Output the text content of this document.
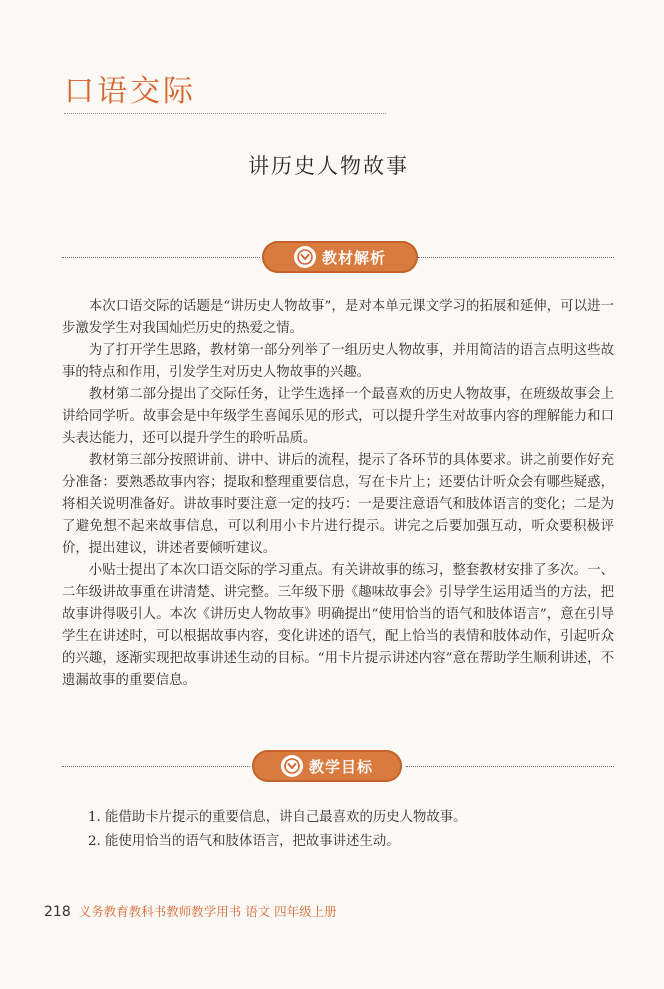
口语交际
讲历史人物故事
教材解析

本次口语交际的话题是“讲历史人物故事”，是对本单元课文学习的拓展和延伸，可以进一步激发学生对我国灿烂历史的热爱之情。

为了打开学生思路，教材第一部分列举了一组历史人物故事，并用简洁的语言点明这些故事的特点和作用，引发学生对历史人物故事的兴趣。

教材第二部分提出了交际任务，让学生选择一个最喜欢的历史人物故事，在班级故事会上讲给同学听。故事会是中年级学生喜闻乐见的形式，可以提升学生对故事内容的理解能力和口头表达能力，还可以提升学生的聆听品质。

教材第三部分按照讲前、讲中、讲后的流程，提示了各环节的具体要求。讲之前要作好充分准备：要熟悉故事内容；提取和整理重要信息，写在卡片上；还要估计听众会有哪些疑惑，将相关说明准备好。讲故事时要注意一定的技巧：一是要注意语气和肢体语言的变化；二是为了避免想不起来故事信息，可以利用小卡片进行提示。讲完之后要加强互动，听众要积极评价，提出建议，讲述者要倾听建议。

小贴士提出了本次口语交际的学习重点。有关讲故事的练习，整套教材安排了多次。一、二年级讲故事重在讲清楚、讲完整。三年级下册《趣味故事会》引导学生运用适当的方法，把故事讲得吸引人。本次《讲历史人物故事》明确提出“使用恰当的语气和肢体语言”，意在引导学生在讲述时，可以根据故事内容，变化讲述的语气，配上恰当的表情和肢体动作，引起听众的兴趣，逐渐实现把故事讲述生动的目标。“用卡片提示讲述内容”意在帮助学生顺利讲述，不遗漏故事的重要信息。

教学目标
1. 能借助卡片提示的重要信息，讲自己最喜欢的历史人物故事。
2. 能使用恰当的语气和肢体语言，把故事讲述生动。
218 义务教育教科书教师教学用书 语文 四年级上册
